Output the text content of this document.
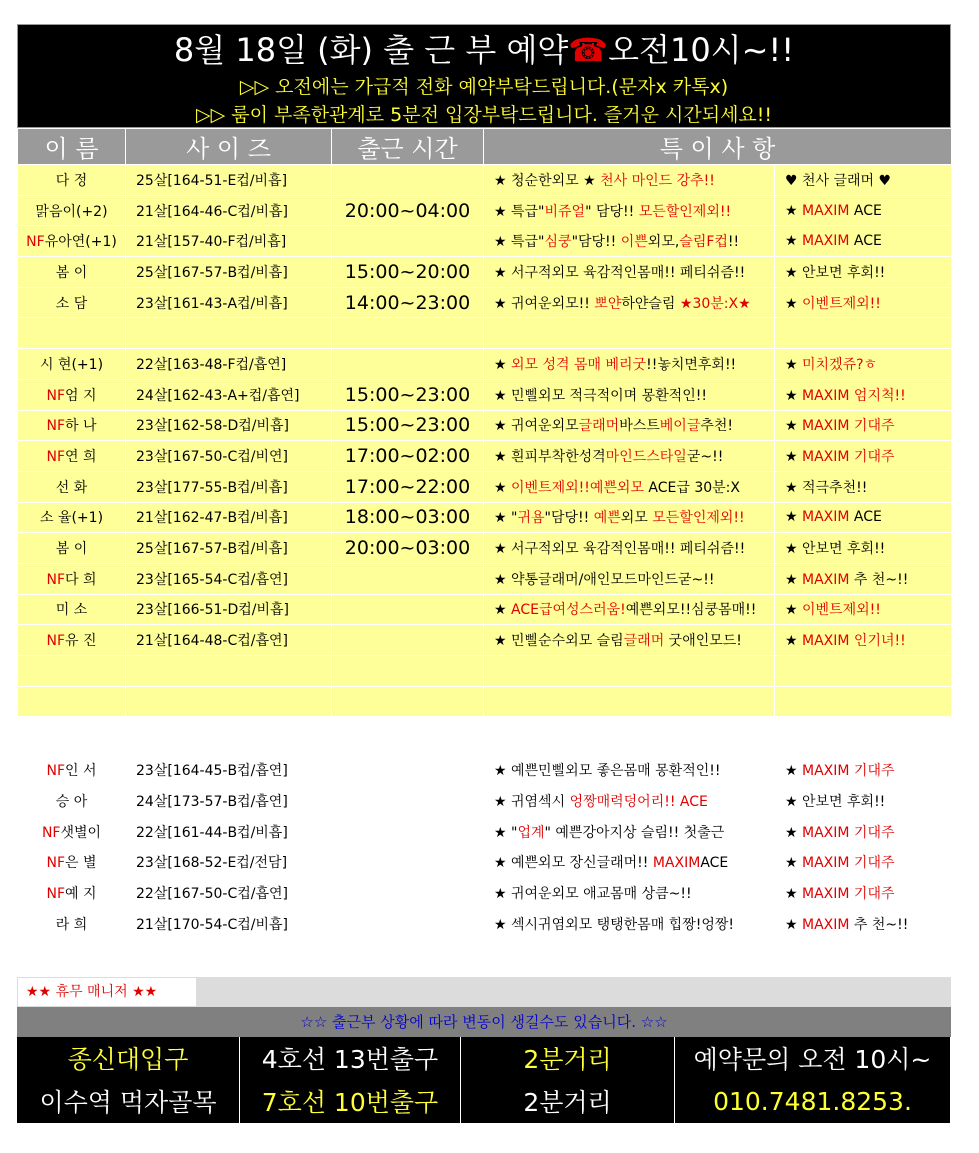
8월 18일 (화) 출 근 부 예약☎오전10시~!!
▷▷ 오전에는 가급적 전화 예약부탁드립니다.(문자x 카톡x)
▷▷ 룸이 부족한관계로 5분전 입장부탁드립니다. 즐거운 시간되세요!!
이 름	사 이 즈	출근 시간	특 이 사 항	
다 정	25살[164-51-E컵/비흡]		★ 청순한외모 ★ 천사 마인드 강추!!	♥ 천사 글래머 ♥
맑음이(+2)	21살[164-46-C컵/비흡]	20:00~04:00	★ 특급"비쥬얼" 담당!! 모든할인제외!!	★ MAXIM ACE
NF유아연(+1)	21살[157-40-F컵/비흡]		★ 특급"심쿵"담당!! 이쁜외모,슬림F컵!!	★ MAXIM ACE
봄 이	25살[167-57-B컵/비흡]	15:00~20:00	★ 서구적외모 육감적인몸매!! 페티쉬즘!!	★ 안보면 후회!!
소 담	23살[161-43-A컵/비흡]	14:00~23:00	★ 귀여운외모!! 뽀얀하얀슬림 ★30분:X★	★ 이벤트제외!!

시 현(+1)	22살[163-48-F컵/흡연]		★ 외모 성격 몸매 베리굿!!놓치면후회!!	★ 미치겠쥬?ㅎ
NF엄 지	24살[162-43-A+컵/흡연]	15:00~23:00	★ 민삘외모 적극적이며 몽환적인!!	★ MAXIM 엄지척!!
NF하 나	23살[162-58-D컵/비흡]	15:00~23:00	★ 귀여운외모글래머바스트베이글추천!	★ MAXIM 기대주
NF연 희	23살[167-50-C컵/비연]	17:00~02:00	★ 흰피부착한성격마인드스타일굳~!!	★ MAXIM 기대주
선 화	23살[177-55-B컵/비흡]	17:00~22:00	★ 이벤트제외!!예쁜외모 ACE급 30분:X	★ 적극추천!!
소 율(+1)	21살[162-47-B컵/비흡]	18:00~03:00	★ "귀욤"담당!! 예쁜외모 모든할인제외!!	★ MAXIM ACE
봄 이	25살[167-57-B컵/비흡]	20:00~03:00	★ 서구적외모 육감적인몸매!! 페티쉬즘!!	★ 안보면 후회!!
NF다 희	23살[165-54-C컵/흡연]		★ 약통글래머/애인모드마인드굳~!!	★ MAXIM 추 천~!!
미 소	23살[166-51-D컵/비흡]		★ ACE급여성스러움!예쁜외모!!심쿵몸매!!	★ 이벤트제외!!
NF유 진	21살[164-48-C컵/흡연]		★ 민삘순수외모 슬림글래머 굿애인모드!	★ MAXIM 인기녀!!

NF인 서	23살[164-45-B컵/흡연]		★ 예쁜민삘외모 좋은몸매 몽환적인!!	★ MAXIM 기대주
승 아	24살[173-57-B컵/흡연]		★ 귀염섹시 엉짱매력덩어리!! ACE	★ 안보면 후회!!
NF샛별이	22살[161-44-B컵/비흡]		★ "업계" 예쁜강아지상 슬림!! 첫출근	★ MAXIM 기대주
NF은 별	23살[168-52-E컵/전담]		★ 예쁜외모 장신글래머!! MAXIMACE	★ MAXIM 기대주
NF예 지	22살[167-50-C컵/흡연]		★ 귀여운외모 애교몸매 상큼~!!	★ MAXIM 기대주
라 희	21살[170-54-C컵/비흡]		★ 섹시귀염외모 탱탱한몸매 힙짱!엉짱!	★ MAXIM 추 천~!!
★★ 휴무 매니저 ★★
☆☆ 출근부 상황에 따라 변동이 생길수도 있습니다. ☆☆
종신대입구	4호선 13번출구	2분거리	예약문의 오전 10시~
이수역 먹자골목	7호선 10번출구	2분거리	010.7481.8253.
